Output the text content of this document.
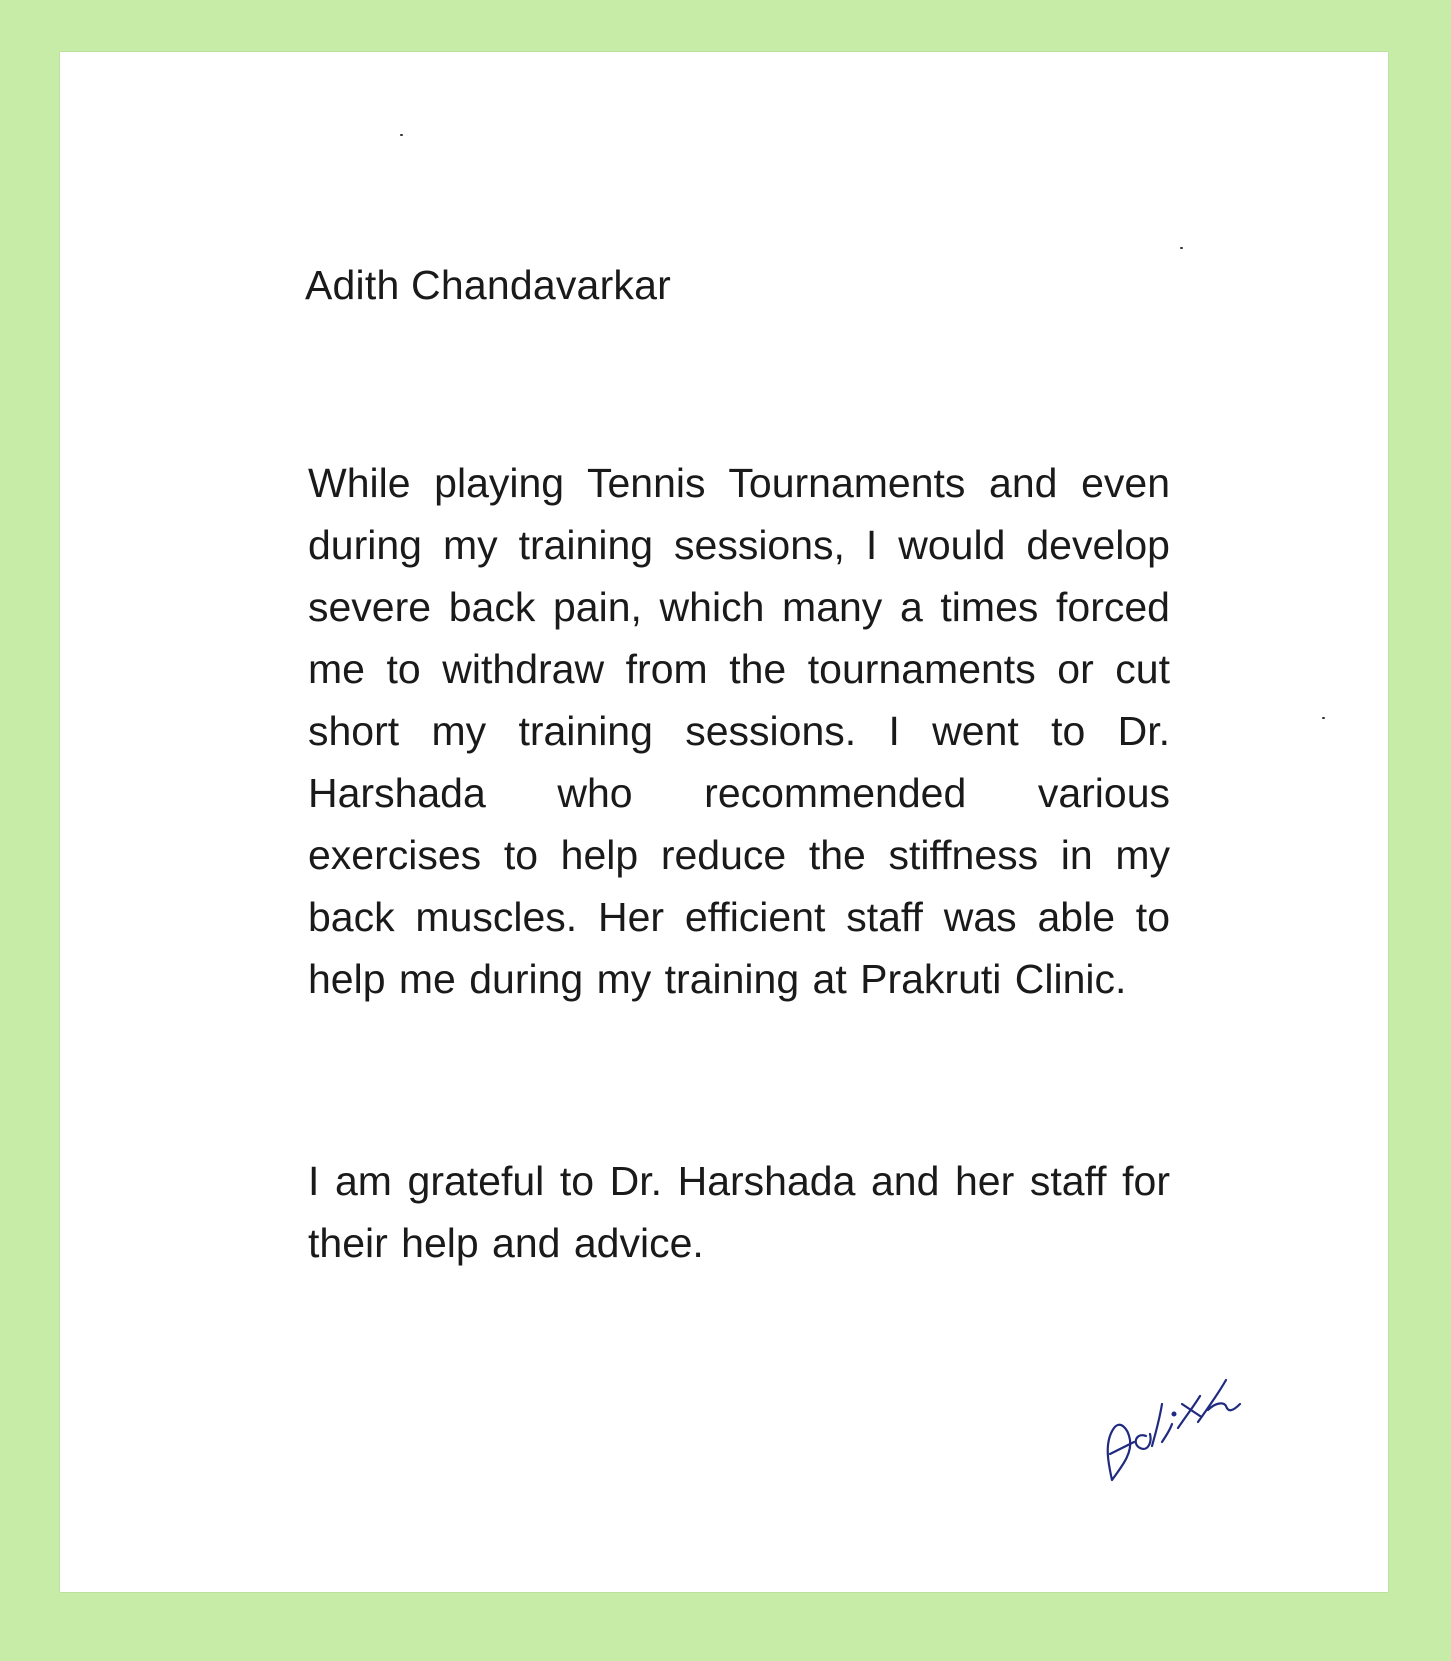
Adith Chandavarkar

While playing Tennis Tournaments and even during my training sessions, I would develop severe back pain, which many a times forced me to withdraw from the tournaments or cut short my training sessions. I went to Dr. Harshada who recommended various exercises to help reduce the stiffness in my back muscles. Her efficient staff was able to help me during my training at Prakruti Clinic.

I am grateful to Dr. Harshada and her staff for their help and advice.
